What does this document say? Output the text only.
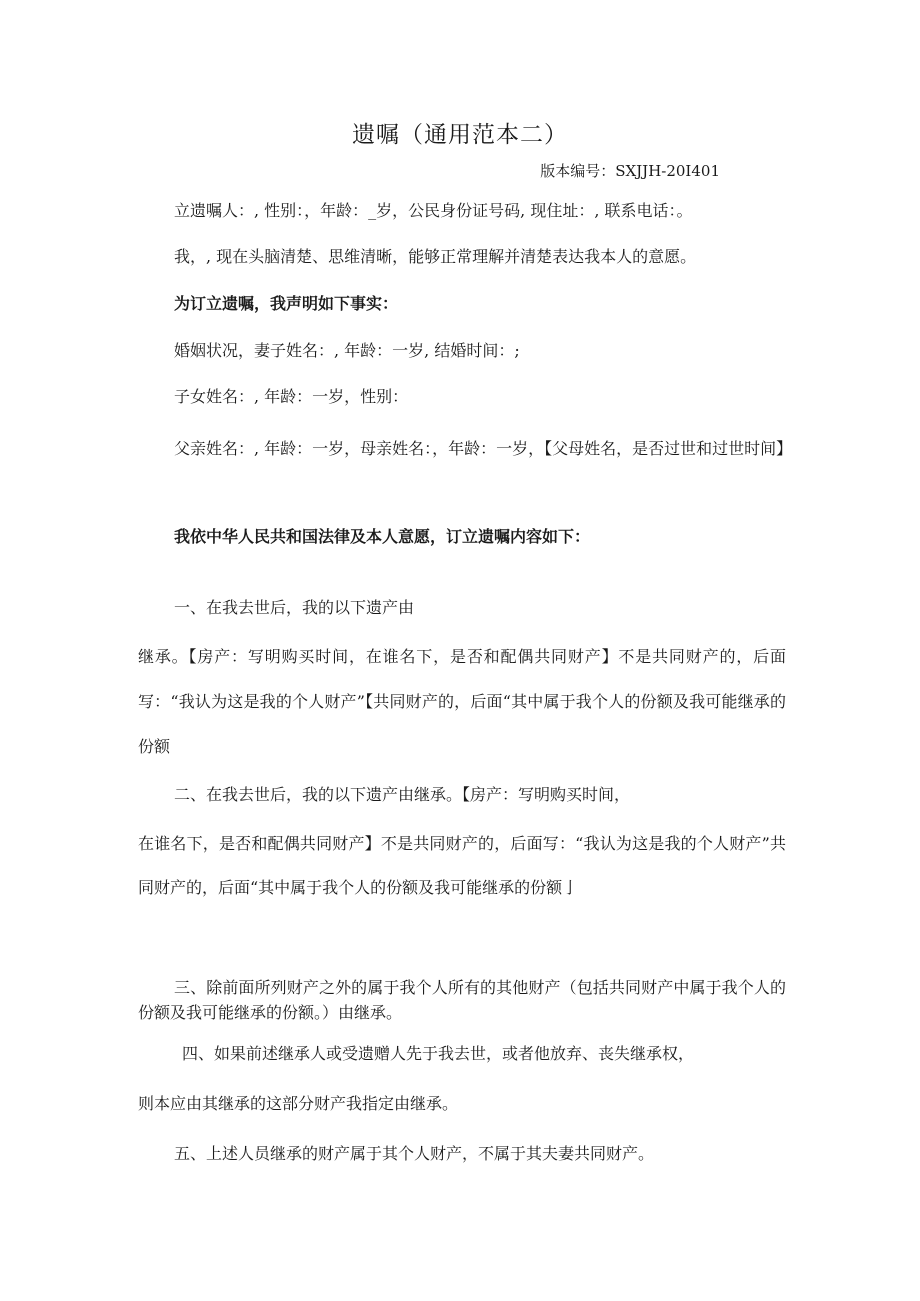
遗嘱（通用范本二）
版本编号：SXJJH-20I401

立遗嘱人：, 性别：，年龄：_岁，公民身份证号码, 现住址：, 联系电话：。

我，, 现在头脑清楚、思维清晰，能够正常理解并清楚表达我本人的意愿。

为订立遗嘱，我声明如下事实：

婚姻状况，妻子姓名：, 年龄：一岁, 结婚时间：;

子女姓名：, 年龄：一岁，性别：

父亲姓名：, 年龄：一岁，母亲姓名：，年龄：一岁，【父母姓名，是否过世和过世时间】

我依中华人民共和国法律及本人意愿，订立遗嘱内容如下：

一、在我去世后，我的以下遗产由

继承。【房产：写明购买时间，在谁名下，是否和配偶共同财产】不是共同财产的，后面写：“我认为这是我的个人财产”【共同财产的，后面“其中属于我个人的份额及我可能继承的份额

二、在我去世后，我的以下遗产由继承。【房产：写明购买时间，

在谁名下，是否和配偶共同财产】不是共同财产的，后面写：“我认为这是我的个人财产”共同财产的，后面“其中属于我个人的份额及我可能继承的份额亅

三、除前面所列财产之外的属于我个人所有的其他财产（包括共同财产中属于我个人的份额及我可能继承的份额。）由继承。

四、如果前述继承人或受遗赠人先于我去世，或者他放弃、丧失继承权，

则本应由其继承的这部分财产我指定由继承。

五、上述人员继承的财产属于其个人财产，不属于其夫妻共同财产。
